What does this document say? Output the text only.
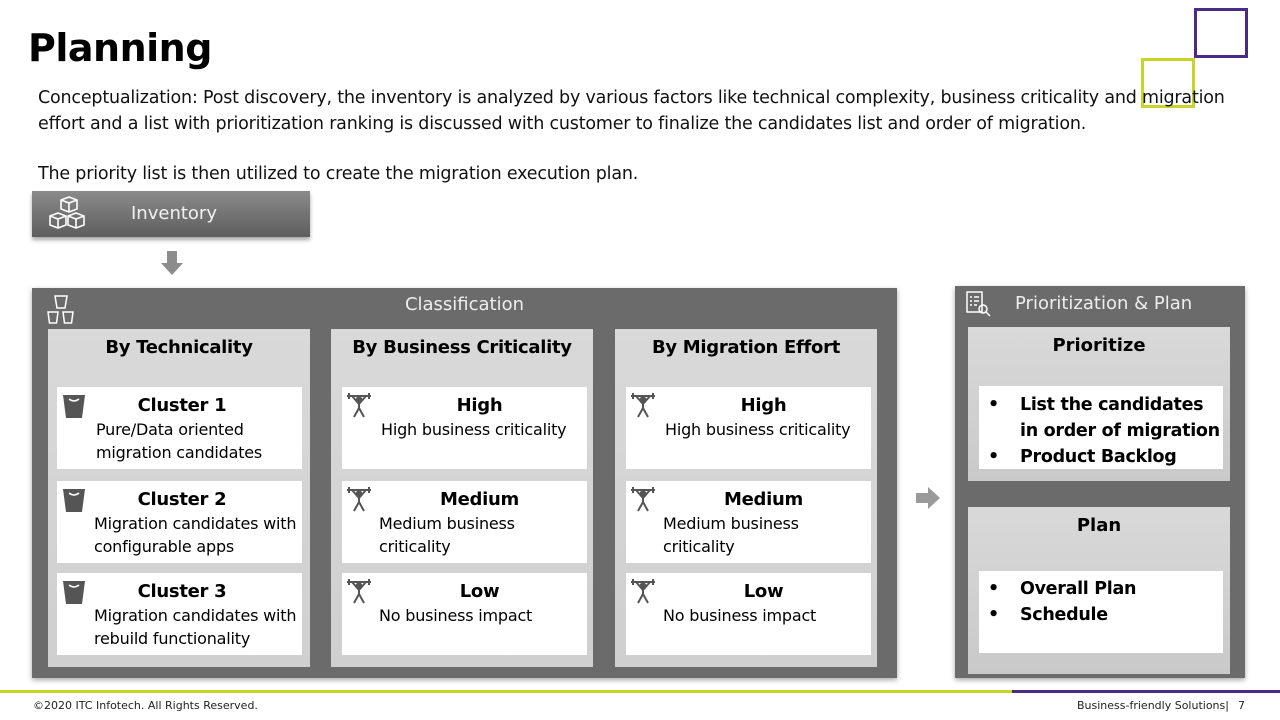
Planning
Conceptualization: Post discovery, the inventory is analyzed by various factors like technical complexity, business criticality and migration effort and a list with prioritization ranking is discussed with customer to finalize the candidates list and order of migration.
The priority list is then utilized to create the migration execution plan.
Inventory
Classification
By Technicality
Cluster 1
Pure/Data oriented migration candidates
Cluster 2
Migration candidates with configurable apps
Cluster 3
Migration candidates with rebuild functionality
By Business Criticality
High
High business criticality
Medium
Medium business criticality
Low
No business impact
By Migration Effort
High
High business criticality
Medium
Medium business criticality
Low
No business impact
Prioritization & Plan
Prioritize
• List the candidates in order of migration
• Product Backlog
Plan
• Overall Plan
• Schedule
©2020 ITC Infotech. All Rights Reserved.	Business-friendly Solutions| 7
